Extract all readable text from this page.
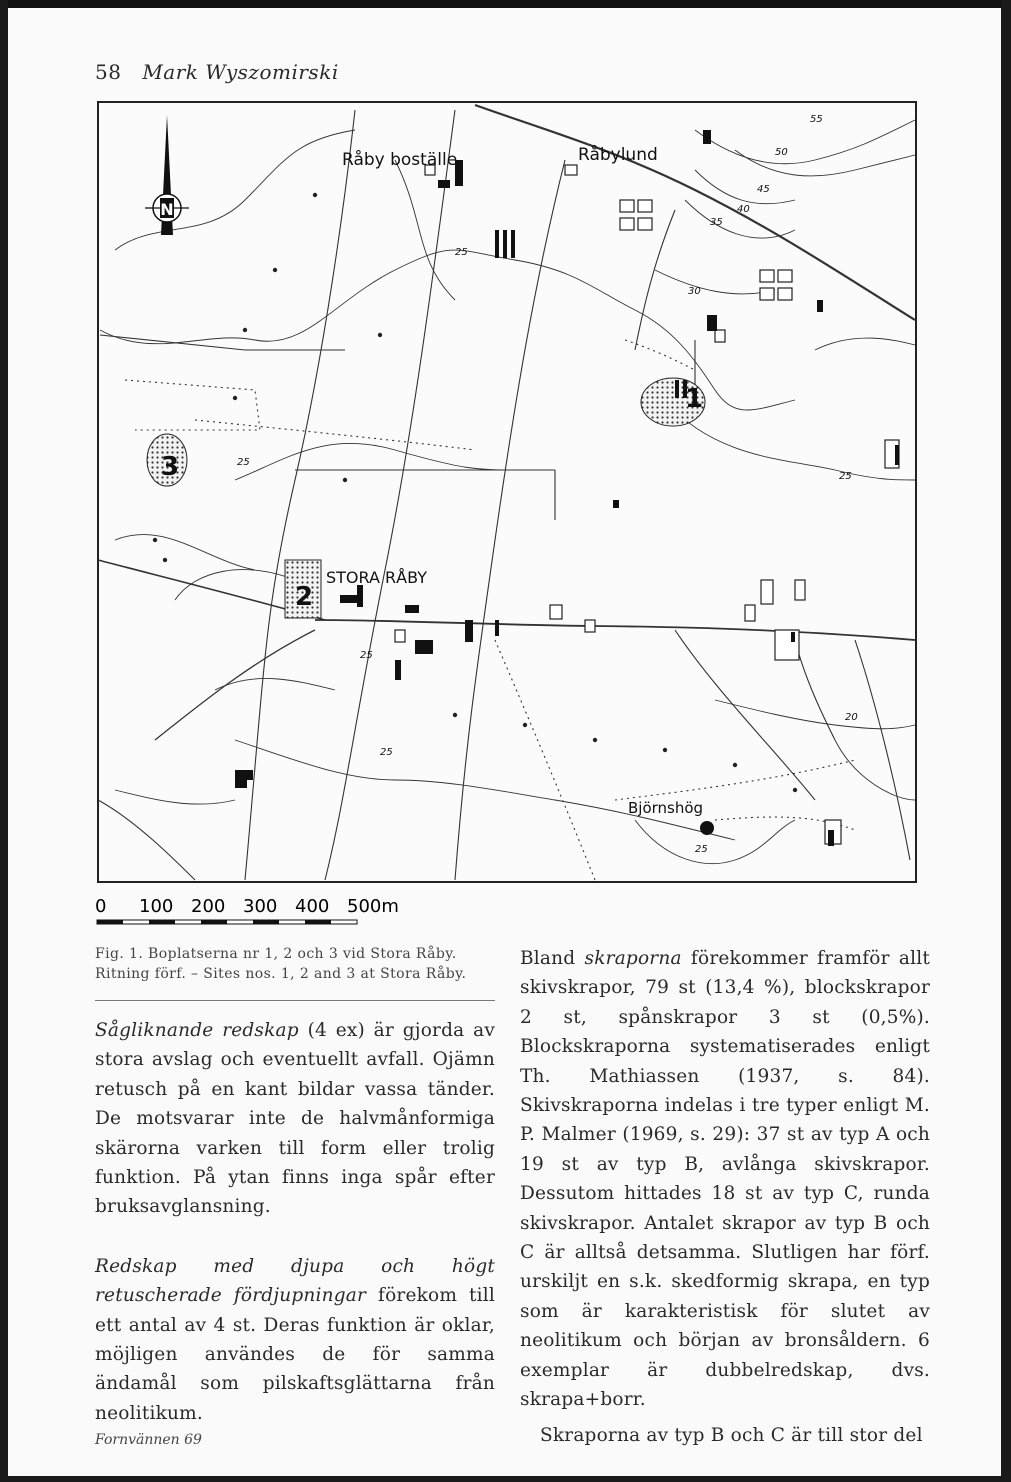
58 Mark Wyszomirski
N
Råby boställe	Råbylund
STORA RÅBY
Björnshög
1
2
3
55
50
45
40
35
30
25
25
25
25
25
20
25
0 100 200 300 400 500m
Fig. 1. Boplatserna nr 1, 2 och 3 vid Stora Råby. Ritning förf. – Sites nos. 1, 2 and 3 at Stora Råby.

Sågliknande redskap (4 ex) är gjorda av stora avslag och eventuellt avfall. Ojämn retusch på en kant bildar vassa tänder. De motsvarar inte de halvmånformiga skärorna varken till form eller trolig funktion. På ytan finns inga spår efter bruksavglansning.

Redskap med djupa och högt retuscherade fördjupningar förekom till ett antal av 4 st. Deras funktion är oklar, möjligen användes de för samma ändamål som pilskaftsglättarna från neolitikum.

Bland skraporna förekommer framför allt skivskrapor, 79 st (13,4 %), blockskrapor 2 st, spånskrapor 3 st (0,5%). Blockskraporna systematiserades enligt Th. Mathiassen (1937, s. 84). Skivskraporna indelas i tre typer enligt M. P. Malmer (1969, s. 29): 37 st av typ A och 19 st av typ B, avlånga skivskrapor. Dessutom hittades 18 st av typ C, runda skivskrapor. Antalet skrapor av typ B och C är alltså detsamma. Slutligen har förf. urskiljt en s.k. skedformig skrapa, en typ som är karakteristisk för slutet av neolitikum och början av bronsåldern. 6 exemplar är dubbelredskap, dvs. skrapa+borr.

Skraporna av typ B och C är till stor del

Fornvännen 69
